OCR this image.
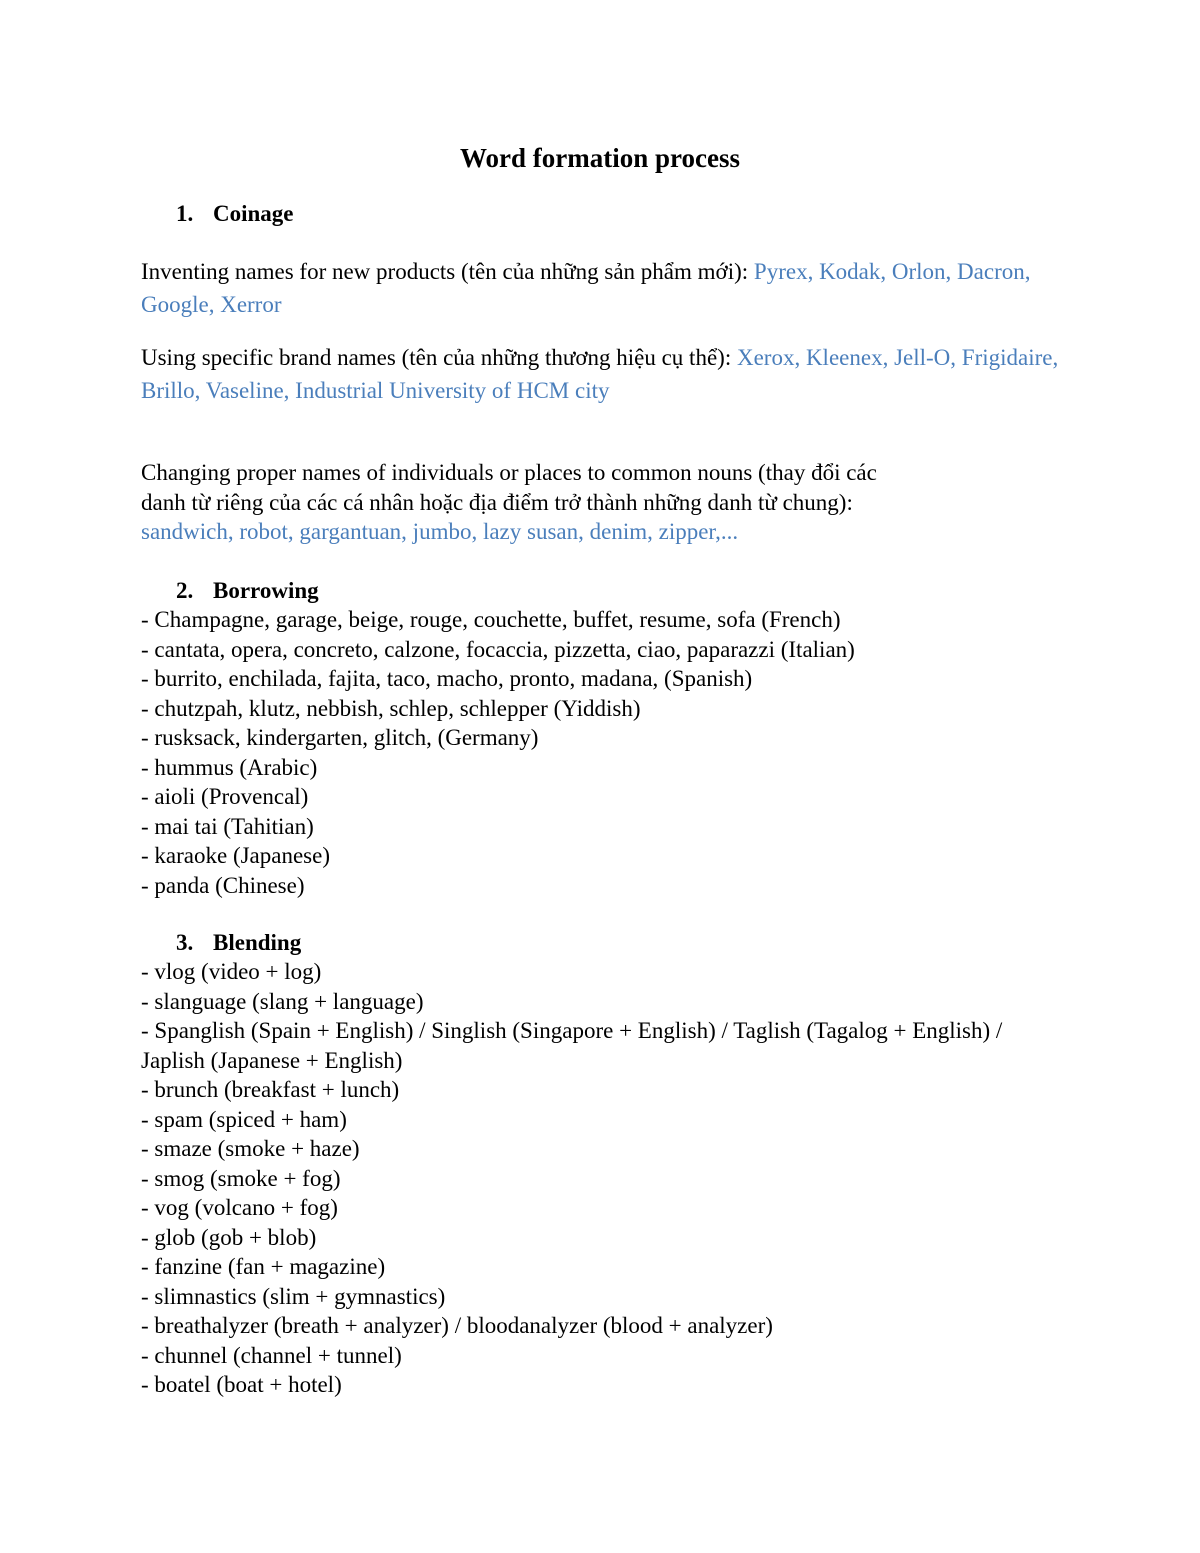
Word formation process
1. Coinage
Inventing names for new products (tên của những sản phẩm mới): Pyrex, Kodak, Orlon, Dacron, Google, Xerror
Using specific brand names (tên của những thương hiệu cụ thể): Xerox, Kleenex, Jell-O, Frigidaire, Brillo, Vaseline, Industrial University of HCM city
Changing proper names of individuals or places to common nouns (thay đổi các
danh từ riêng của các cá nhân hoặc địa điểm trở thành những danh từ chung):
sandwich, robot, gargantuan, jumbo, lazy susan, denim, zipper,...
2. Borrowing
- Champagne, garage, beige, rouge, couchette, buffet, resume, sofa (French)
- cantata, opera, concreto, calzone, focaccia, pizzetta, ciao, paparazzi (Italian)
- burrito, enchilada, fajita, taco, macho, pronto, madana, (Spanish)
- chutzpah, klutz, nebbish, schlep, schlepper (Yiddish)
- rusksack, kindergarten, glitch, (Germany)
- hummus (Arabic)
- aioli (Provencal)
- mai tai (Tahitian)
- karaoke (Japanese)
- panda (Chinese)
3. Blending
- vlog (video + log)
- slanguage (slang + language)
- Spanglish (Spain + English) / Singlish (Singapore + English) / Taglish (Tagalog + English) / Japlish (Japanese + English)
- brunch (breakfast + lunch)
- spam (spiced + ham)
- smaze (smoke + haze)
- smog (smoke + fog)
- vog (volcano + fog)
- glob (gob + blob)
- fanzine (fan + magazine)
- slimnastics (slim + gymnastics)
- breathalyzer (breath + analyzer) / bloodanalyzer (blood + analyzer)
- chunnel (channel + tunnel)
- boatel (boat + hotel)
